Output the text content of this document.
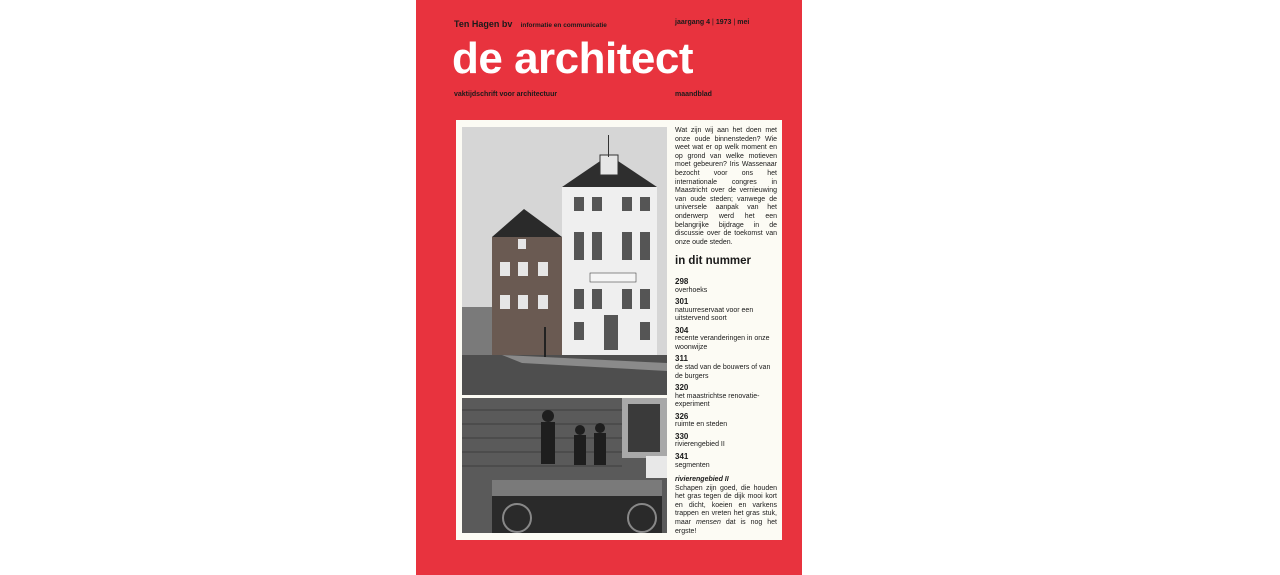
Ten Hagen bv informatie en communicatie	jaargang 4 | 1973 | mei
de architect
vaktijdschrift voor architectuur	maandblad
Wat zijn wij aan het doen met onze oude binnensteden? Wie weet wat er op welk moment en op grond van welke motieven moet gebeuren? Iris Wassenaar bezocht voor ons het internationale congres in Maastricht over de vernieuwing van oude steden; vanwege de universele aanpak van het onderwerp werd het een belangrijke bijdrage in de discussie over de toekomst van onze oude steden.
in dit nummer
298
overhoeks
301
natuurreservaat voor een uitstervend soort
304
recente veranderingen in onze woonwijze
311
de stad van de bouwers of van de burgers
320
het maastrichtse renovatie-experiment
326
ruimte en steden
330
rivierengebied II
341
segmenten
rivierengebied II
Schapen zijn goed, die houden het gras tegen de dijk mooi kort en dicht, koeien en varkens trappen en vreten het gras stuk, maar mensen dat is nog het ergste!
